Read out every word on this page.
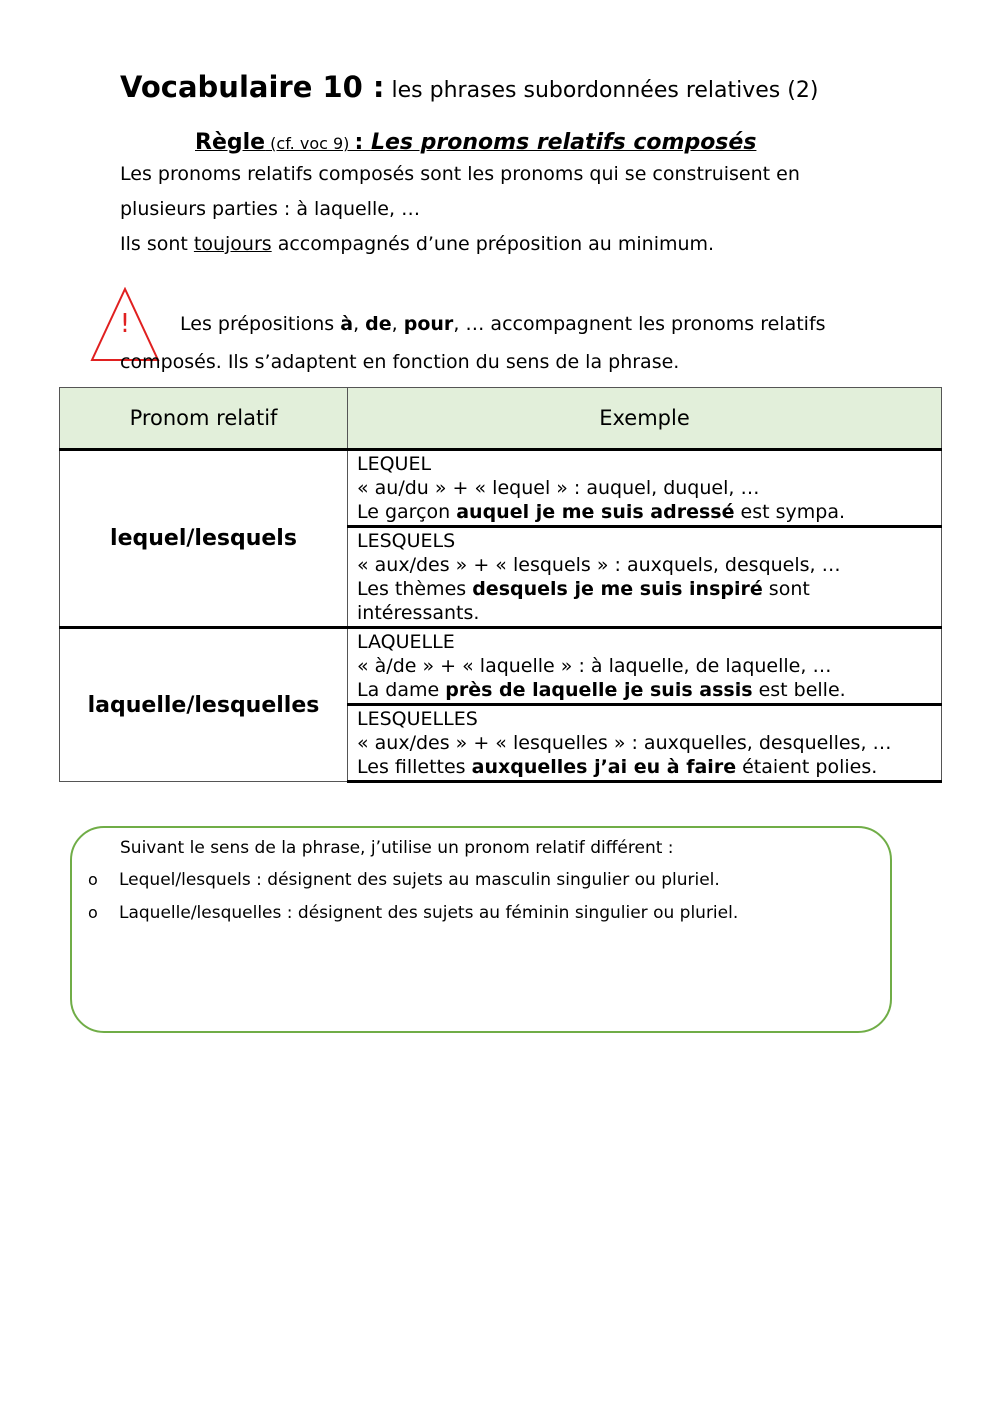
Vocabulaire 10 : les phrases subordonnées relatives (2)
Règle (cf. voc 9) : Les pronoms relatifs composés
Les pronoms relatifs composés sont les pronoms qui se construisent en
plusieurs parties : à laquelle, …
Ils sont toujours accompagnés d’une préposition au minimum.
!	Les prépositions à, de, pour, … accompagnent les pronoms relatifs
composés. Ils s’adaptent en fonction du sens de la phrase.
Pronom relatif	Exemple
lequel/lesquels	LEQUEL
« au/du » + « lequel » : auquel, duquel, …
Le garçon auquel je me suis adressé est sympa.

	LESQUELS
« aux/des » + « lesquels » : auxquels, desquels, …
Les thèmes desquels je me suis inspiré sont intéressants.

laquelle/lesquelles	LAQUELLE
« à/de » + « laquelle » : à laquelle, de laquelle, …
La dame près de laquelle je suis assis est belle.

	LESQUELLES
« aux/des » + « lesquelles » : auxquelles, desquelles, …
Les fillettes auxquelles j’ai eu à faire étaient polies.
Suivant le sens de la phrase, j’utilise un pronom relatif différent :
o Lequel/lesquels : désignent des sujets au masculin singulier ou pluriel.
o Laquelle/lesquelles : désignent des sujets au féminin singulier ou pluriel.
